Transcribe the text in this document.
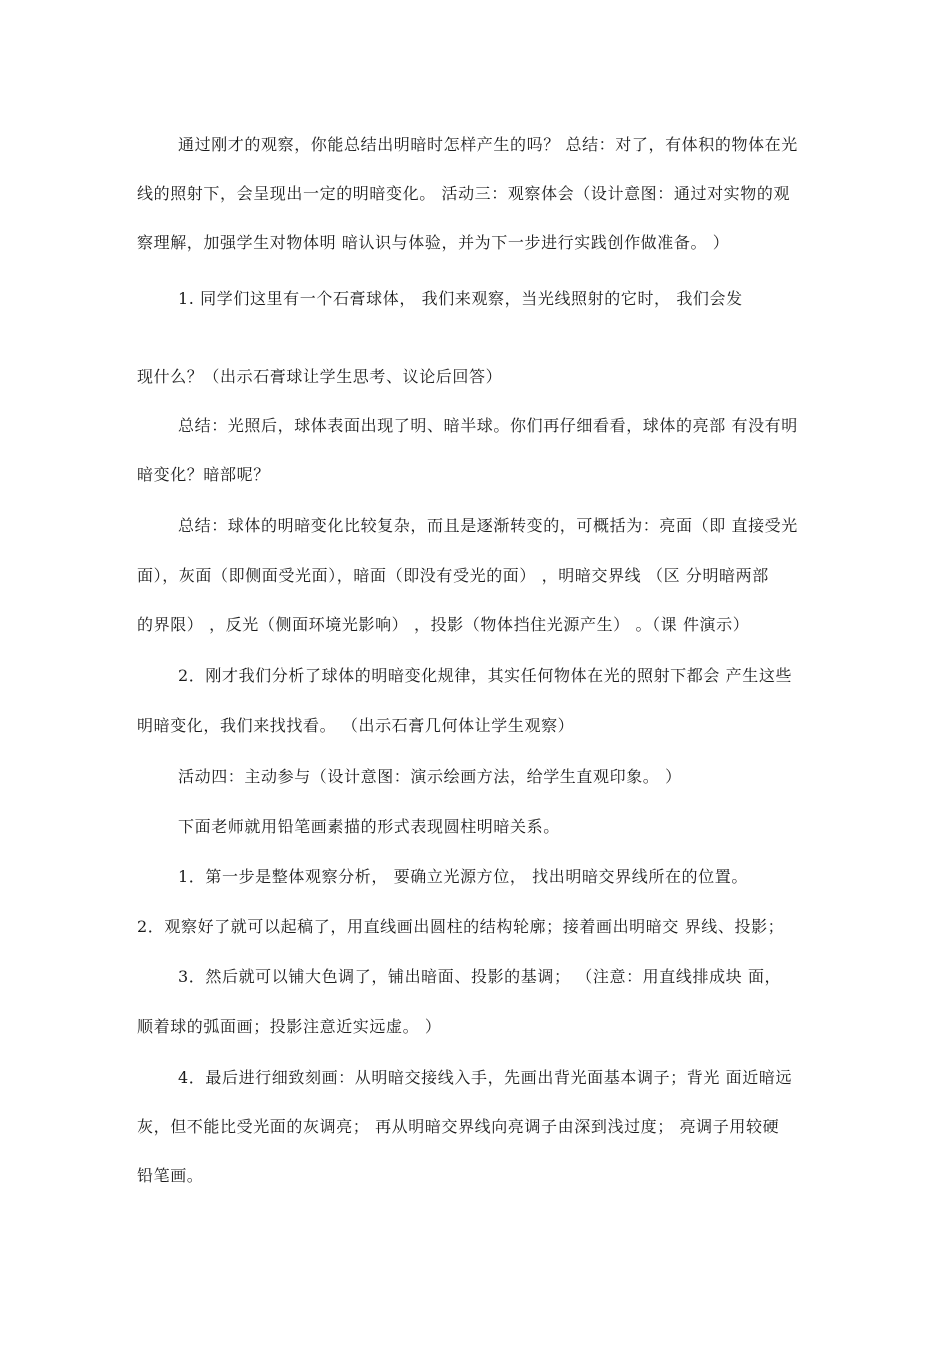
通过刚才的观察，你能总结出明暗时怎样产生的吗？ 总结：对了，有体积的物体在光
线的照射下，会呈现出一定的明暗变化。 活动三：观察体会（设计意图：通过对实物的观
察理解，加强学生对物体明 暗认识与体验，并为下一步进行实践创作做准备。 ）
1. 同学们这里有一个石膏球体， 我们来观察，当光线照射的它时， 我们会发
现什么？（出示石膏球让学生思考、议论后回答）
总结：光照后，球体表面出现了明、暗半球。你们再仔细看看，球体的亮部 有没有明
暗变化？暗部呢？
总结：球体的明暗变化比较复杂，而且是逐渐转变的，可概括为：亮面（即 直接受光
面），灰面（即侧面受光面），暗面（即没有受光的面） ，明暗交界线 （区 分明暗两部
的界限） ，反光（侧面环境光影响） ，投影（物体挡住光源产生） 。（课 件演示）
2．刚才我们分析了球体的明暗变化规律，其实任何物体在光的照射下都会 产生这些
明暗变化，我们来找找看。 （出示石膏几何体让学生观察）
活动四：主动参与（设计意图：演示绘画方法，给学生直观印象。 ）
下面老师就用铅笔画素描的形式表现圆柱明暗关系。
1．第一步是整体观察分析， 要确立光源方位， 找出明暗交界线所在的位置。
2．观察好了就可以起稿了，用直线画出圆柱的结构轮廓；接着画出明暗交 界线、投影；
3．然后就可以铺大色调了，铺出暗面、投影的基调； （注意：用直线排成块 面，
顺着球的弧面画；投影注意近实远虚。 ）
4．最后进行细致刻画：从明暗交接线入手，先画出背光面基本调子；背光 面近暗远
灰，但不能比受光面的灰调亮； 再从明暗交界线向亮调子由深到浅过度； 亮调子用较硬
铅笔画。
